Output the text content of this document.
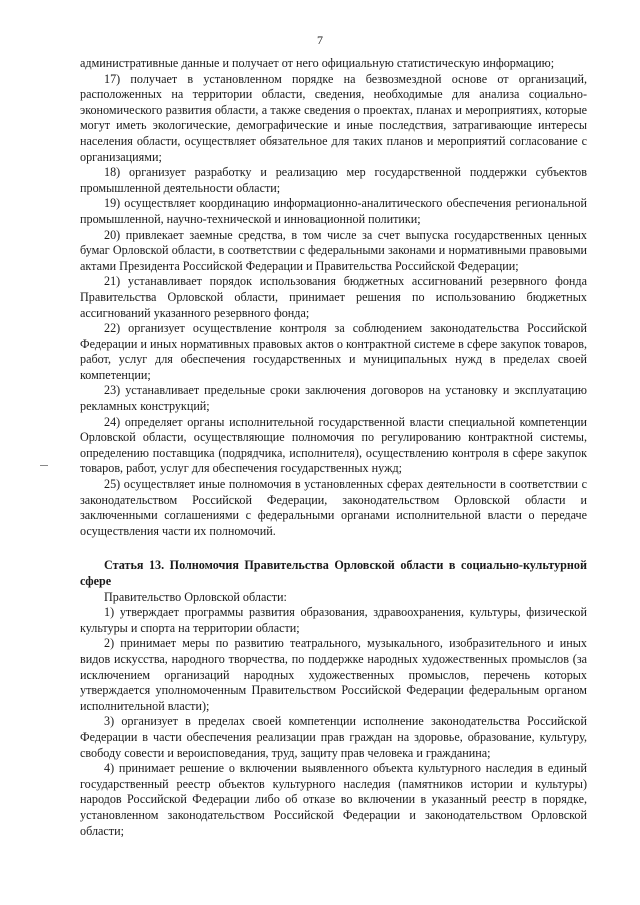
7

административные данные и получает от него официальную статистическую информацию;

17) получает в установленном порядке на безвозмездной основе от организаций, расположенных на территории области, сведения, необходимые для анализа социально-экономического развития области, а также сведения о проектах, планах и мероприятиях, которые могут иметь экологические, демографические и иные последствия, затрагивающие интересы населения области, осуществляет обязательное для таких планов и мероприятий согласование с организациями;

18) организует разработку и реализацию мер государственной поддержки субъектов промышленной деятельности области;

19) осуществляет координацию информационно-аналитического обеспечения региональной промышленной, научно-технической и инновационной политики;

20) привлекает заемные средства, в том числе за счет выпуска государственных ценных бумаг Орловской области, в соответствии с федеральными законами и нормативными правовыми актами Президента Российской Федерации и Правительства Российской Федерации;

21) устанавливает порядок использования бюджетных ассигнований резервного фонда Правительства Орловской области, принимает решения по использованию бюджетных ассигнований указанного резервного фонда;

22) организует осуществление контроля за соблюдением законодательства Российской Федерации и иных нормативных правовых актов о контрактной системе в сфере закупок товаров, работ, услуг для обеспечения государственных и муниципальных нужд в пределах своей компетенции;

23) устанавливает предельные сроки заключения договоров на установку и эксплуатацию рекламных конструкций;

24) определяет органы исполнительной государственной власти специальной компетенции Орловской области, осуществляющие полномочия по регулированию контрактной системы, определению поставщика (подрядчика, исполнителя), осуществлению контроля в сфере закупок товаров, работ, услуг для обеспечения государственных нужд;

25) осуществляет иные полномочия в установленных сферах деятельности в соответствии с законодательством Российской Федерации, законодательством Орловской области и заключенными соглашениями с федеральными органами исполнительной власти о передаче осуществления части их полномочий.

Статья 13. Полномочия Правительства Орловской области в социально-культурной сфере

Правительство Орловской области:

1) утверждает программы развития образования, здравоохранения, культуры, физической культуры и спорта на территории области;

2) принимает меры по развитию театрального, музыкального, изобразительного и иных видов искусства, народного творчества, по поддержке народных художественных промыслов (за исключением организаций народных художественных промыслов, перечень которых утверждается уполномоченным Правительством Российской Федерации федеральным органом исполнительной власти);

3) организует в пределах своей компетенции исполнение законодательства Российской Федерации в части обеспечения реализации прав граждан на здоровье, образование, культуру, свободу совести и вероисповедания, труд, защиту прав человека и гражданина;

4) принимает решение о включении выявленного объекта культурного наследия в единый государственный реестр объектов культурного наследия (памятников истории и культуры) народов Российской Федерации либо об отказе во включении в указанный реестр в порядке, установленном законодательством Российской Федерации и законодательством Орловской области;
